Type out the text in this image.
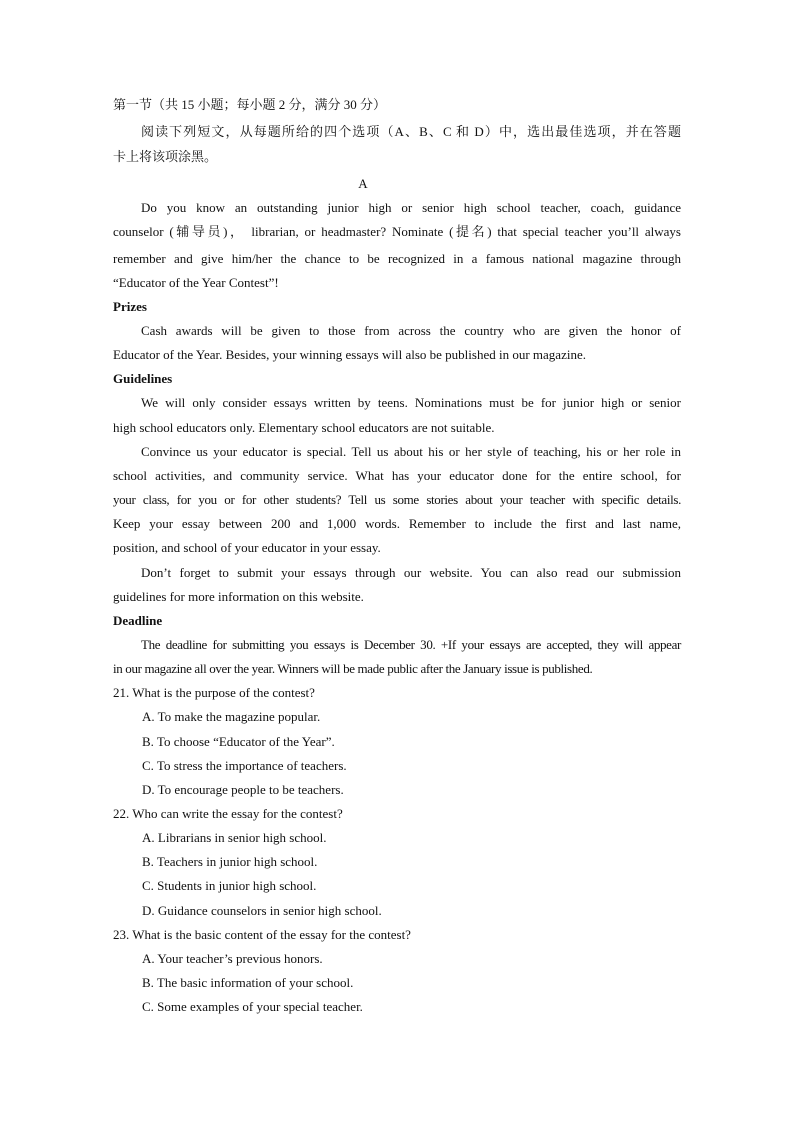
第一节（共 15 小题；每小题 2 分，满分 30 分）
阅读下列短文，从每题所给的四个选项（A、B、C 和 D）中，选出最佳选项，并在答题
卡上将该项涂黑。
A
Do you know an outstanding junior high or senior high school teacher, coach, guidance
counselor (辅导员)， librarian, or headmaster? Nominate (提名) that special teacher you’ll always
remember and give him/her the chance to be recognized in a famous national magazine through
“Educator of the Year Contest”!
Prizes
Cash awards will be given to those from across the country who are given the honor of
Educator of the Year. Besides, your winning essays will also be published in our magazine.
Guidelines
We will only consider essays written by teens. Nominations must be for junior high or senior
high school educators only. Elementary school educators are not suitable.
Convince us your educator is special. Tell us about his or her style of teaching, his or her role in
school activities, and community service. What has your educator done for the entire school, for
your class, for you or for other students? Tell us some stories about your teacher with specific details.
Keep your essay between 200 and 1,000 words. Remember to include the first and last name,
position, and school of your educator in your essay.
Don’t forget to submit your essays through our website. You can also read our submission
guidelines for more information on this website.
Deadline
The deadline for submitting you essays is December 30. +If your essays are accepted, they will appear
in our magazine all over the year. Winners will be made public after the January issue is published.
21. What is the purpose of the contest?
A. To make the magazine popular.
B. To choose “Educator of the Year”.
C. To stress the importance of teachers.
D. To encourage people to be teachers.
22. Who can write the essay for the contest?
A. Librarians in senior high school.
B. Teachers in junior high school.
C. Students in junior high school.
D. Guidance counselors in senior high school.
23. What is the basic content of the essay for the contest?
A. Your teacher’s previous honors.
B. The basic information of your school.
C. Some examples of your special teacher.
